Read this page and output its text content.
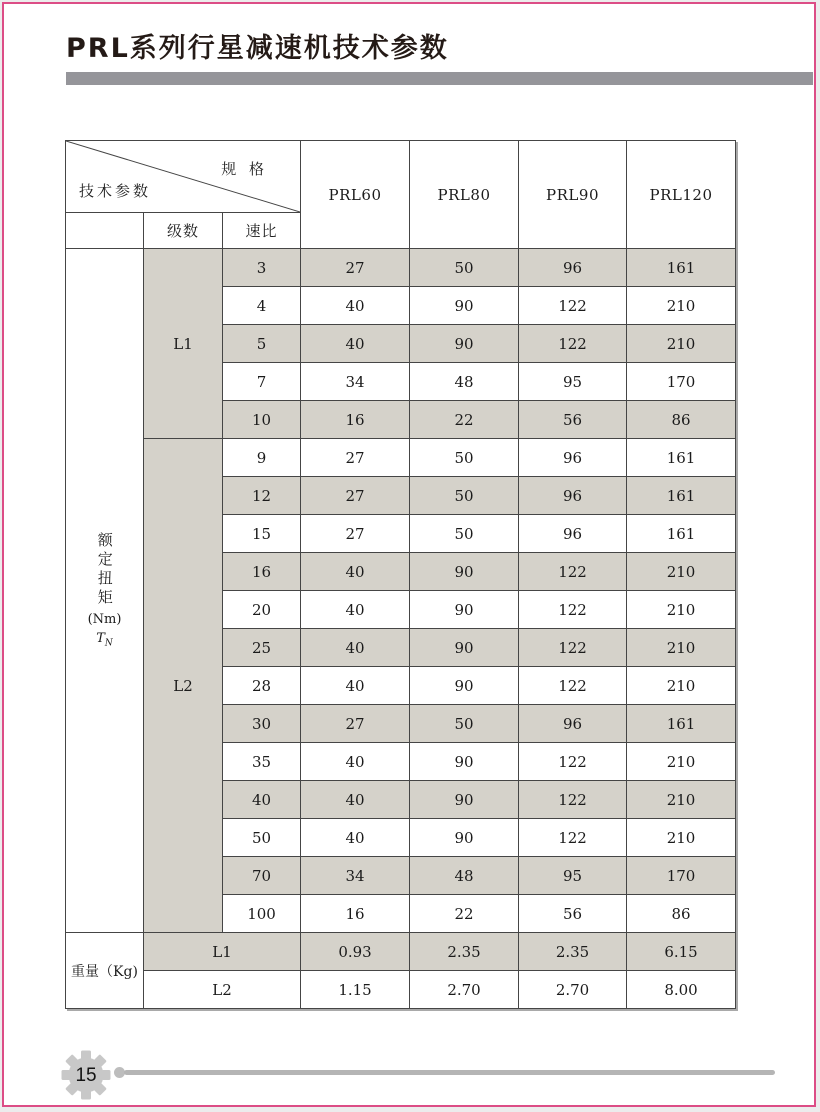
PRL系列行星减速机技术参数
规 格
技术参数			PRL60	PRL80	PRL90	PRL120
	级数	速比				

额定扭矩
(Nm)
$T_N$	L1	3	27	50	96	161
		4	40	90	122	210
		5	40	90	122	210
		7	34	48	95	170
		10	16	22	56	86
	L2	9	27	50	96	161
		12	27	50	96	161
		15	27	50	96	161
		16	40	90	122	210
		20	40	90	122	210
		25	40	90	122	210
		28	40	90	122	210
		30	27	50	96	161
		35	40	90	122	210
		40	40	90	122	210
		50	40	90	122	210
		70	34	48	95	170
		100	16	22	56	86
重量（Kg)	L1		0.93	2.35	2.35	6.15
	L2		1.15	2.70	2.70	8.00
15
